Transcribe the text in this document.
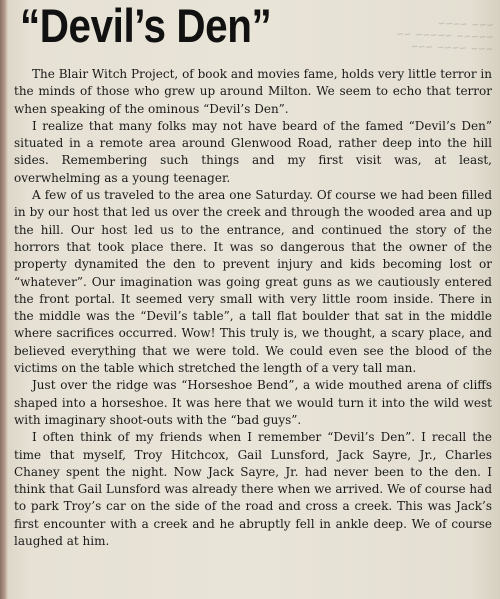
~~~ ~~~~ ~~~
~~ ~~~~~ ~~~~~
~~~~ ~~~
“Devil’s Den”

The Blair Witch Project, of book and movies fame, holds very little terror in the minds of those who grew up around Milton. We seem to echo that terror when speaking of the ominous “Devil’s Den”.

I realize that many folks may not have beard of the famed “Devil’s Den” situated in a remote area around Glenwood Road, rather deep into the hill sides. Remembering such things and my first visit was, at least, overwhelming as a young teenager.

A few of us traveled to the area one Saturday. Of course we had been filled in by our host that led us over the creek and through the wooded area and up the hill. Our host led us to the entrance, and continued the story of the horrors that took place there. It was so dangerous that the owner of the property dynamited the den to prevent injury and kids becoming lost or “whatever”. Our imagination was going great guns as we cautiously entered the front portal. It seemed very small with very little room inside. There in the middle was the “Devil’s table”, a tall flat boulder that sat in the middle where sacrifices occurred. Wow! This truly is, we thought, a scary place, and believed everything that we were told. We could even see the blood of the victims on the table which stretched the length of a very tall man.

Just over the ridge was “Horseshoe Bend”, a wide mouthed arena of cliffs shaped into a horseshoe. It was here that we would turn it into the wild west with imaginary shoot-outs with the “bad guys”.

I often think of my friends when I remember “Devil’s Den”. I recall the time that myself, Troy Hitchcox, Gail Lunsford, Jack Sayre, Jr., Charles Chaney spent the night. Now Jack Sayre, Jr. had never been to the den. I think that Gail Lunsford was already there when we arrived. We of course had to park Troy’s car on the side of the road and cross a creek. This was Jack’s first encounter with a creek and he abruptly fell in ankle deep. We of course laughed at him.
